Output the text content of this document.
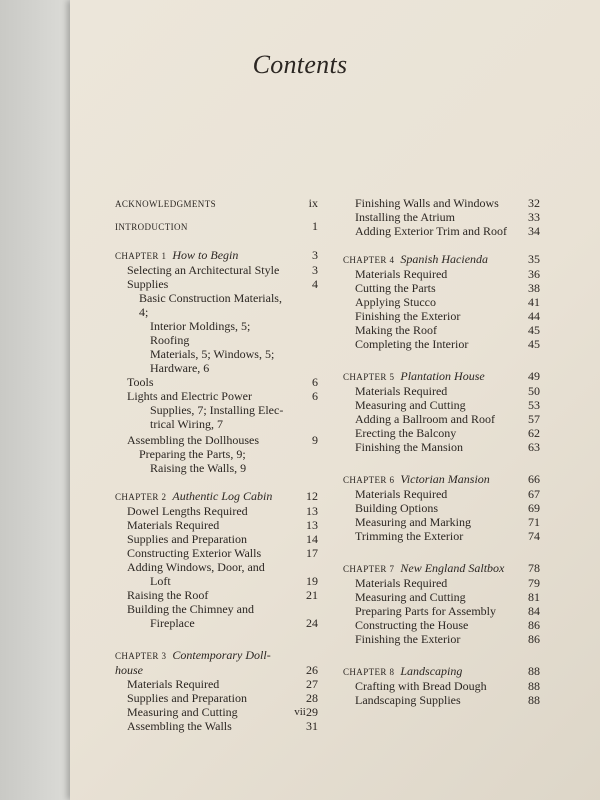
Contents
ACKNOWLEDGMENTS	ix
INTRODUCTION	1
CHAPTER 1 How to Begin	3
Selecting an Architectural Style	3
Supplies	4
Basic Construction Materials, 4;
Interior Moldings, 5; Roofing
Materials, 5; Windows, 5;
Hardware, 6
Tools	6
Lights and Electric Power	6
Supplies, 7; Installing Elec-
trical Wiring, 7
Assembling the Dollhouses	9
Preparing the Parts, 9;
Raising the Walls, 9
CHAPTER 2 Authentic Log Cabin	12
Dowel Lengths Required	13
Materials Required	13
Supplies and Preparation	14
Constructing Exterior Walls	17
Adding Windows, Door, and
Loft	19
Raising the Roof	21
Building the Chimney and
Fireplace	24
CHAPTER 3 Contemporary Doll-
house	26
Materials Required	27
Supplies and Preparation	28
Measuring and Cutting	29
Assembling the Walls	31
Finishing Walls and Windows 32
Installing the Atrium	33
Adding Exterior Trim and Roof 34
CHAPTER 4 Spanish Hacienda	35
Materials Required	36
Cutting the Parts	38
Applying Stucco	41
Finishing the Exterior	44
Making the Roof	45
Completing the Interior	45
CHAPTER 5 Plantation House	49
Materials Required	50
Measuring and Cutting	53
Adding a Ballroom and Roof	57
Erecting the Balcony	62
Finishing the Mansion	63
CHAPTER 6 Victorian Mansion	66
Materials Required	67
Building Options	69
Measuring and Marking	71
Trimming the Exterior	74
CHAPTER 7 New England Saltbox 78
Materials Required	79
Measuring and Cutting	81
Preparing Parts for Assembly	84
Constructing the House	86
Finishing the Exterior	86
CHAPTER 8 Landscaping	88
Crafting with Bread Dough	88
Landscaping Supplies	88
vii
